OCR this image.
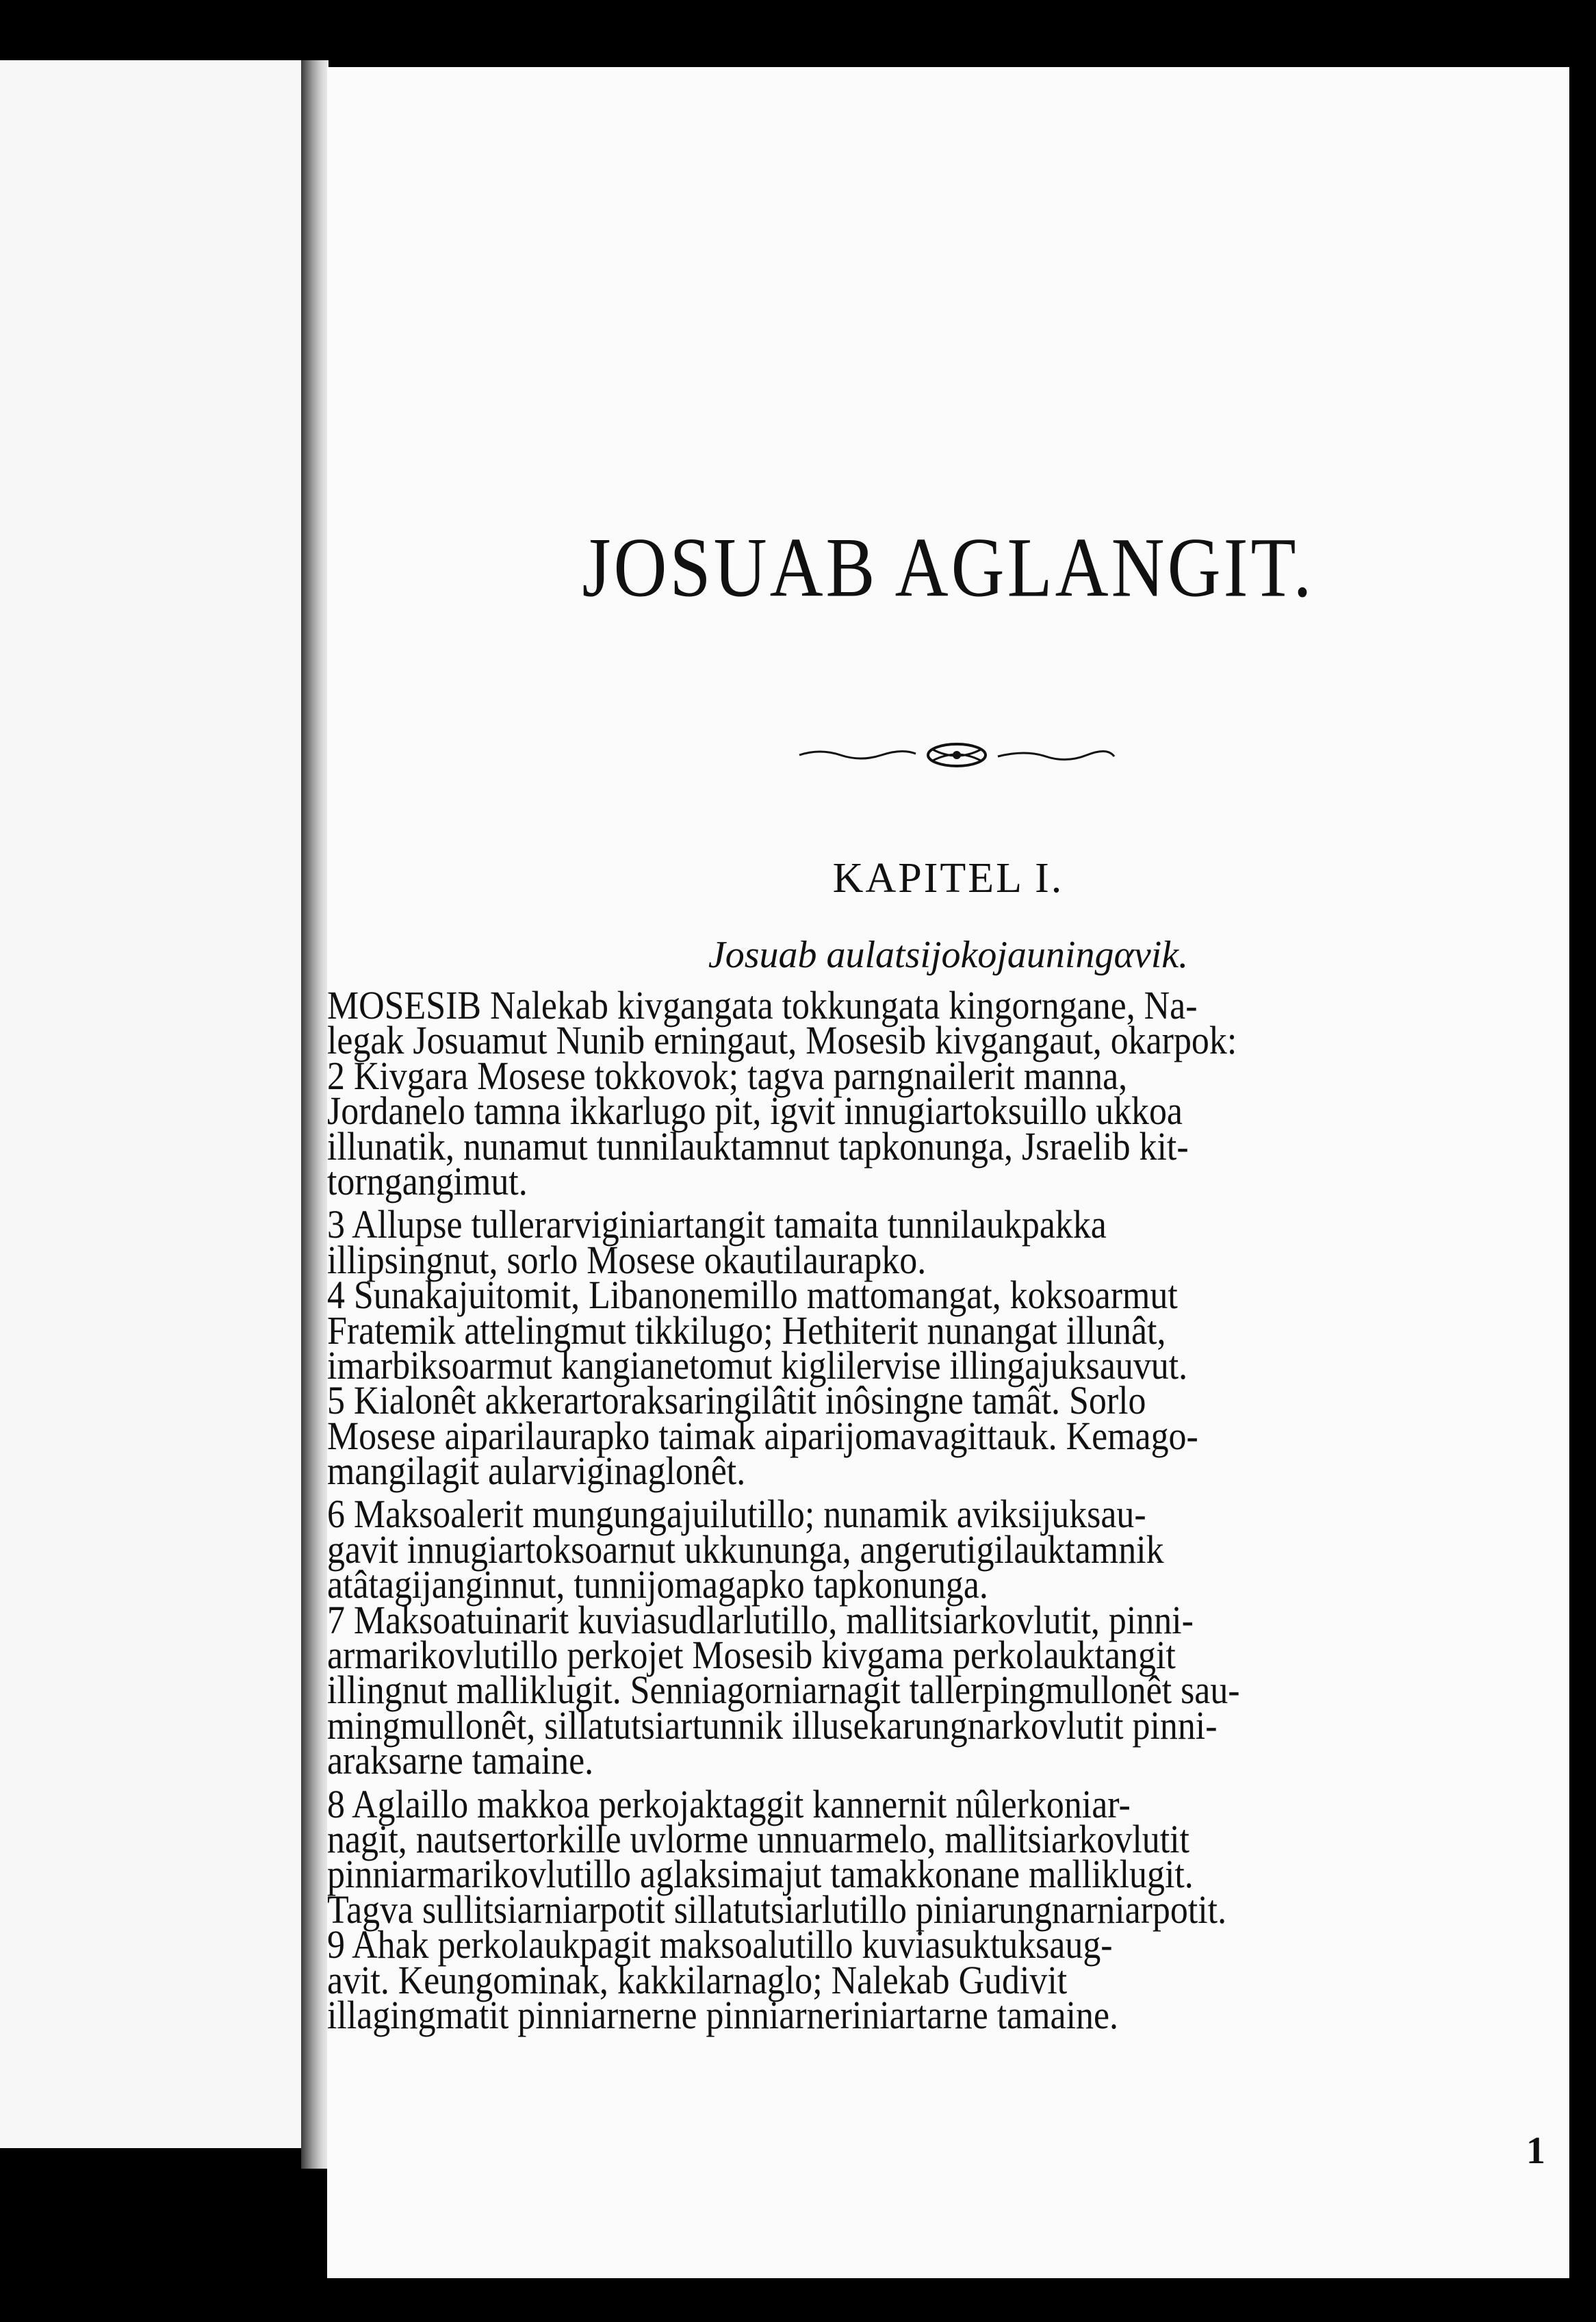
JOSUAB AGLANGIT.
KAPITEL I.
Josuab aulatsijokojauningανik.
MOSESIB Nalekab kivgangata tokkungata kingorngane, Na-
legak Josuamut Nunib erningaut, Mosesib kivgangaut, okarpok:
2 Kivgara Mosese tokkovok; tagva parngnailerit manna,
Jordanelo tamna ikkarlugo pit, igvit innugiartoksuillo ukkoa
illunatik, nunamut tunnilauktamnut tapkonunga, Jsraelib kit-
torngangimut.
3 Allupse tullerarviginiartangit tamaita tunnilaukpakka
illipsingnut, sorlo Mosese okautilaurapko.
4 Sunakajuitomit, Libanonemillo mattomangat, koksoarmut
Fratemik attelingmut tikkilugo; Hethiterit nunangat illunât,
imarbiksoarmut kangianetomut kiglilervise illingajuksauvut.
5 Kialonêt akkerartoraksaringilâtit inôsingne tamât. Sorlo
Mosese aiparilaurapko taimak aiparijomavagittauk. Kemago-
mangilagit aularviginaglonêt.
6 Maksoalerit mungungajuilutillo; nunamik aviksijuksau-
gavit innugiartoksoarnut ukkununga, angerutigilauktamnik
atâtagijanginnut, tunnijomagapko tapkonunga.
7 Maksoatuinarit kuviasudlarlutillo, mallitsiarkovlutit, pinni-
armarikovlutillo perkojet Mosesib kivgama perkolauktangit
illingnut malliklugit. Senniagorniarnagit tallerpingmullonêt sau-
mingmullonêt, sillatutsiartunnik illusekarungnarkovlutit pinni-
araksarne tamaine.
8 Aglaillo makkoa perkojaktaggit kannernit nûlerkoniar-
nagit, nautsertorkille uvlorme unnuarmelo, mallitsiarkovlutit
pinniarmarikovlutillo aglaksimajut tamakkonane malliklugit.
Tagva sullitsiarniarpotit sillatutsiarlutillo piniarungnarniarpotit.
9 Ahak perkolaukpagit maksoalutillo kuviasuktuksaug-
avit. Keungominak, kakkilarnaglo; Nalekab Gudivit
illagingmatit pinniarnerne pinniarneriniartarne tamaine.
1
